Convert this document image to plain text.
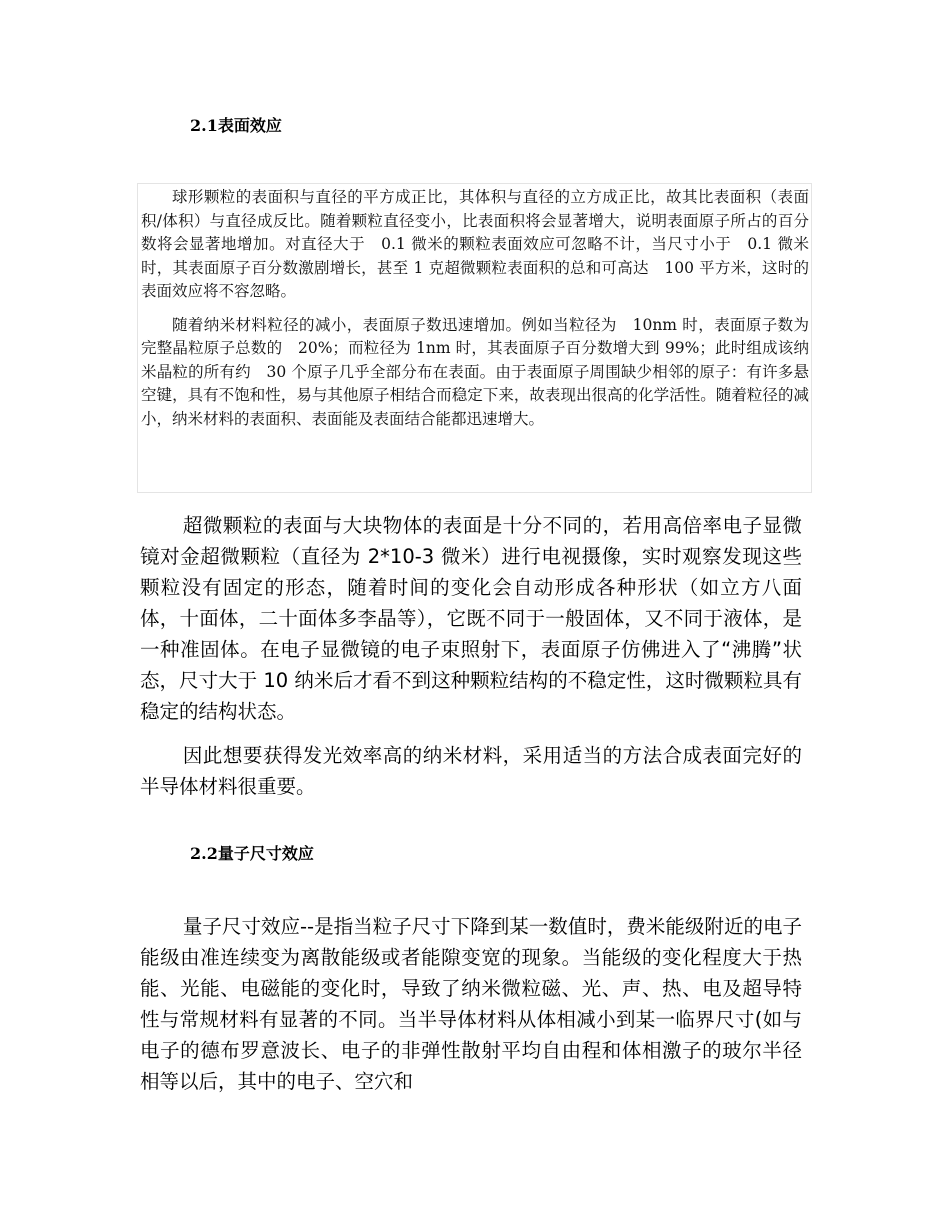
2.1表面效应

球形颗粒的表面积与直径的平方成正比，其体积与直径的立方成正比，故其比表面积（表面积/体积）与直径成反比。随着颗粒直径变小，比表面积将会显著增大，说明表面原子所占的百分数将会显著地增加。对直径大于　0.1 微米的颗粒表面效应可忽略不计，当尺寸小于　0.1 微米时，其表面原子百分数激剧增长，甚至 1 克超微颗粒表面积的总和可高达　100 平方米，这时的表面效应将不容忽略。

随着纳米材料粒径的减小，表面原子数迅速增加。例如当粒径为　10nm 时，表面原子数为完整晶粒原子总数的　20%；而粒径为 1nm 时，其表面原子百分数增大到 99%；此时组成该纳米晶粒的所有约　30 个原子几乎全部分布在表面。由于表面原子周围缺少相邻的原子：有许多悬空键，具有不饱和性，易与其他原子相结合而稳定下来，故表现出很高的化学活性。随着粒径的减小，纳米材料的表面积、表面能及表面结合能都迅速增大。

超微颗粒的表面与大块物体的表面是十分不同的，若用高倍率电子显微镜对金超微颗粒（直径为 2*10-3 微米）进行电视摄像，实时观察发现这些颗粒没有固定的形态，随着时间的变化会自动形成各种形状（如立方八面体，十面体，二十面体多李晶等），它既不同于一般固体，又不同于液体，是一种准固体。在电子显微镜的电子束照射下，表面原子仿佛进入了“沸腾”状态，尺寸大于 10 纳米后才看不到这种颗粒结构的不稳定性，这时微颗粒具有稳定的结构状态。

因此想要获得发光效率高的纳米材料，采用适当的方法合成表面完好的半导体材料很重要。

2.2量子尺寸效应

量子尺寸效应--是指当粒子尺寸下降到某一数值时，费米能级附近的电子能级由准连续变为离散能级或者能隙变宽的现象。当能级的变化程度大于热能、光能、电磁能的变化时，导致了纳米微粒磁、光、声、热、电及超导特性与常规材料有显著的不同。当半导体材料从体相减小到某一临界尺寸(如与电子的德布罗意波长、电子的非弹性散射平均自由程和体相激子的玻尔半径相等以后，其中的电子、空穴和
